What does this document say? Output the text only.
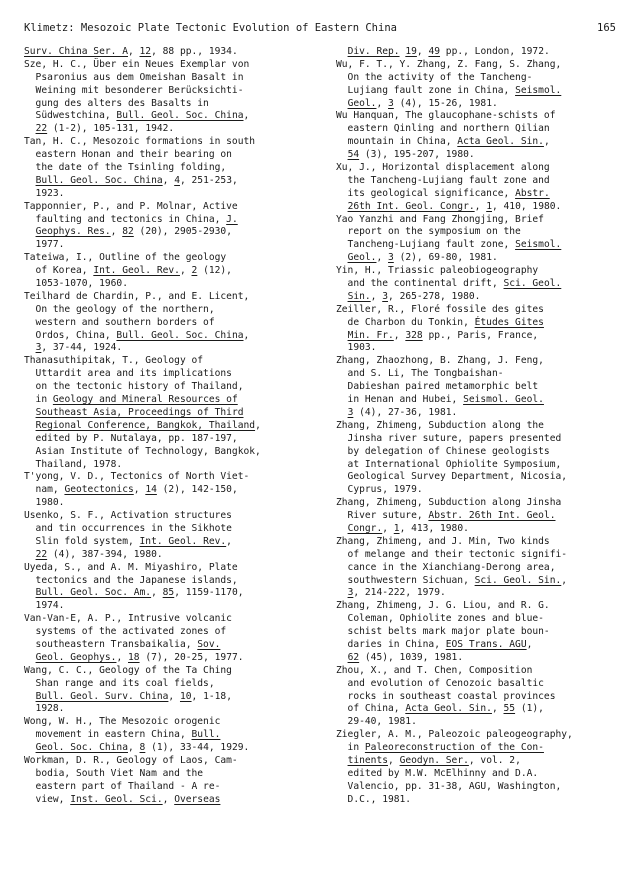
Klimetz: Mesozoic Plate Tectonic Evolution of Eastern China	165
Surv. China Ser. A, 12, 88 pp., 1934.
Sze, H. C., Über ein Neues Exemplar von
Psaronius aus dem Omeishan Basalt in
Weining mit besonderer Berücksichti-
gung des alters des Basalts in
Südwestchina, Bull. Geol. Soc. China,
22 (1-2), 105-131, 1942.
Tan, H. C., Mesozoic formations in south
eastern Honan and their bearing on
the date of the Tsinling folding,
Bull. Geol. Soc. China, 4, 251-253,
1923.
Tapponnier, P., and P. Molnar, Active
faulting and tectonics in China, J.
Geophys. Res., 82 (20), 2905-2930,
1977.
Tateiwa, I., Outline of the geology
of Korea, Int. Geol. Rev., 2 (12),
1053-1070, 1960.
Teilhard de Chardin, P., and E. Licent,
On the geology of the northern,
western and southern borders of
Ordos, China, Bull. Geol. Soc. China,
3, 37-44, 1924.
Thanasuthipitak, T., Geology of
Uttardit area and its implications
on the tectonic history of Thailand,
in Geology and Mineral Resources of
Southeast Asia, Proceedings of Third
Regional Conference, Bangkok, Thailand,
edited by P. Nutalaya, pp. 187-197,
Asian Institute of Technology, Bangkok,
Thailand, 1978.
T'yong, V. D., Tectonics of North Viet-
nam, Geotectonics, 14 (2), 142-150,
1980.
Usenko, S. F., Activation structures
and tin occurrences in the Sikhote
Slin fold system, Int. Geol. Rev.,
22 (4), 387-394, 1980.
Uyeda, S., and A. M. Miyashiro, Plate
tectonics and the Japanese islands,
Bull. Geol. Soc. Am., 85, 1159-1170,
1974.
Van-Van-E, A. P., Intrusive volcanic
systems of the activated zones of
southeastern Transbaikalia, Sov.
Geol. Geophys., 18 (7), 20-25, 1977.
Wang, C. C., Geology of the Ta Ching
Shan range and its coal fields,
Bull. Geol. Surv. China, 10, 1-18,
1928.
Wong, W. H., The Mesozoic orogenic
movement in eastern China, Bull.
Geol. Soc. China, 8 (1), 33-44, 1929.
Workman, D. R., Geology of Laos, Cam-
bodia, South Viet Nam and the
eastern part of Thailand - A re-
view, Inst. Geol. Sci., Overseas
Div. Rep. 19, 49 pp., London, 1972.
Wu, F. T., Y. Zhang, Z. Fang, S. Zhang,
On the activity of the Tancheng-
Lujiang fault zone in China, Seismol.
Geol., 3 (4), 15-26, 1981.
Wu Hanquan, The glaucophane-schists of
eastern Qinling and northern Qilian
mountain in China, Acta Geol. Sin.,
54 (3), 195-207, 1980.
Xu, J., Horizontal displacement along
the Tancheng-Lujiang fault zone and
its geological significance, Abstr.
26th Int. Geol. Congr., 1, 410, 1980.
Yao Yanzhi and Fang Zhongjing, Brief
report on the symposium on the
Tancheng-Lujiang fault zone, Seismol.
Geol., 3 (2), 69-80, 1981.
Yin, H., Triassic paleobiogeography
and the continental drift, Sci. Geol.
Sin., 3, 265-278, 1980.
Zeiller, R., Floré fossile des gites
de Charbon du Tonkin, Études Gites
Min. Fr., 328 pp., Paris, France,
1903.
Zhang, Zhaozhong, B. Zhang, J. Feng,
and S. Li, The Tongbaishan-
Dabieshan paired metamorphic belt
in Henan and Hubei, Seismol. Geol.
3 (4), 27-36, 1981.
Zhang, Zhimeng, Subduction along the
Jinsha river suture, papers presented
by delegation of Chinese geologists
at International Ophiolite Symposium,
Geological Survey Department, Nicosia,
Cyprus, 1979.
Zhang, Zhimeng, Subduction along Jinsha
River suture, Abstr. 26th Int. Geol.
Congr., 1, 413, 1980.
Zhang, Zhimeng, and J. Min, Two kinds
of melange and their tectonic signifi-
cance in the Xianchiang-Derong area,
southwestern Sichuan, Sci. Geol. Sin.,
3, 214-222, 1979.
Zhang, Zhimeng, J. G. Liou, and R. G.
Coleman, Ophiolite zones and blue-
schist belts mark major plate boun-
daries in China, EOS Trans. AGU,
62 (45), 1039, 1981.
Zhou, X., and T. Chen, Composition
and evolution of Cenozoic basaltic
rocks in southeast coastal provinces
of China, Acta Geol. Sin., 55 (1),
29-40, 1981.
Ziegler, A. M., Paleozoic paleogeography,
in Paleoreconstruction of the Con-
tinents, Geodyn. Ser., vol. 2,
edited by M.W. McElhinny and D.A.
Valencio, pp. 31-38, AGU, Washington,
D.C., 1981.
